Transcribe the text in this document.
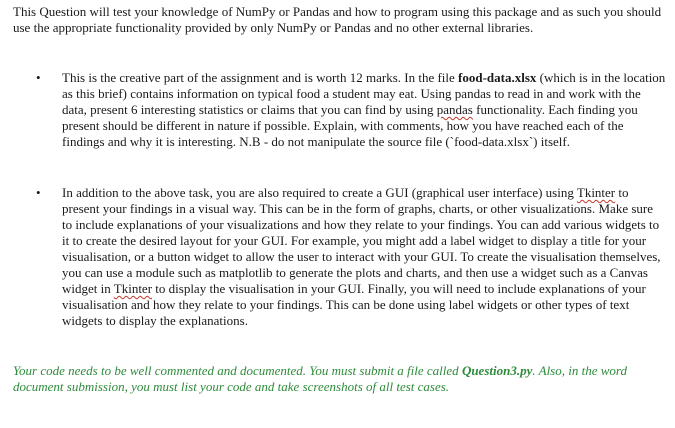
This Question will test your knowledge of NumPy or Pandas and how to program using this package and as such you should use the appropriate functionality provided by only NumPy or Pandas and no other external libraries.

• This is the creative part of the assignment and is worth 12 marks. In the file food-data.xlsx (which is in the location as this brief) contains information on typical food a student may eat. Using pandas to read in and work with the data, present 6 interesting statistics or claims that you can find by using pandas functionality. Each finding you present should be different in nature if possible. Explain, with comments, how you have reached each of the findings and why it is interesting. N.B - do not manipulate the source file (`food-data.xlsx`) itself.

• In addition to the above task, you are also required to create a GUI (graphical user interface) using Tkinter to present your findings in a visual way. This can be in the form of graphs, charts, or other visualizations. Make sure to include explanations of your visualizations and how they relate to your findings. You can add various widgets to it to create the desired layout for your GUI. For example, you might add a label widget to display a title for your visualisation, or a button widget to allow the user to interact with your GUI. To create the visualisation themselves, you can use a module such as matplotlib to generate the plots and charts, and then use a widget such as a Canvas widget in Tkinter to display the visualisation in your GUI. Finally, you will need to include explanations of your visualisation and how they relate to your findings. This can be done using label widgets or other types of text widgets to display the explanations.

Your code needs to be well commented and documented. You must submit a file called Question3.py. Also, in the word document submission, you must list your code and take screenshots of all test cases.
